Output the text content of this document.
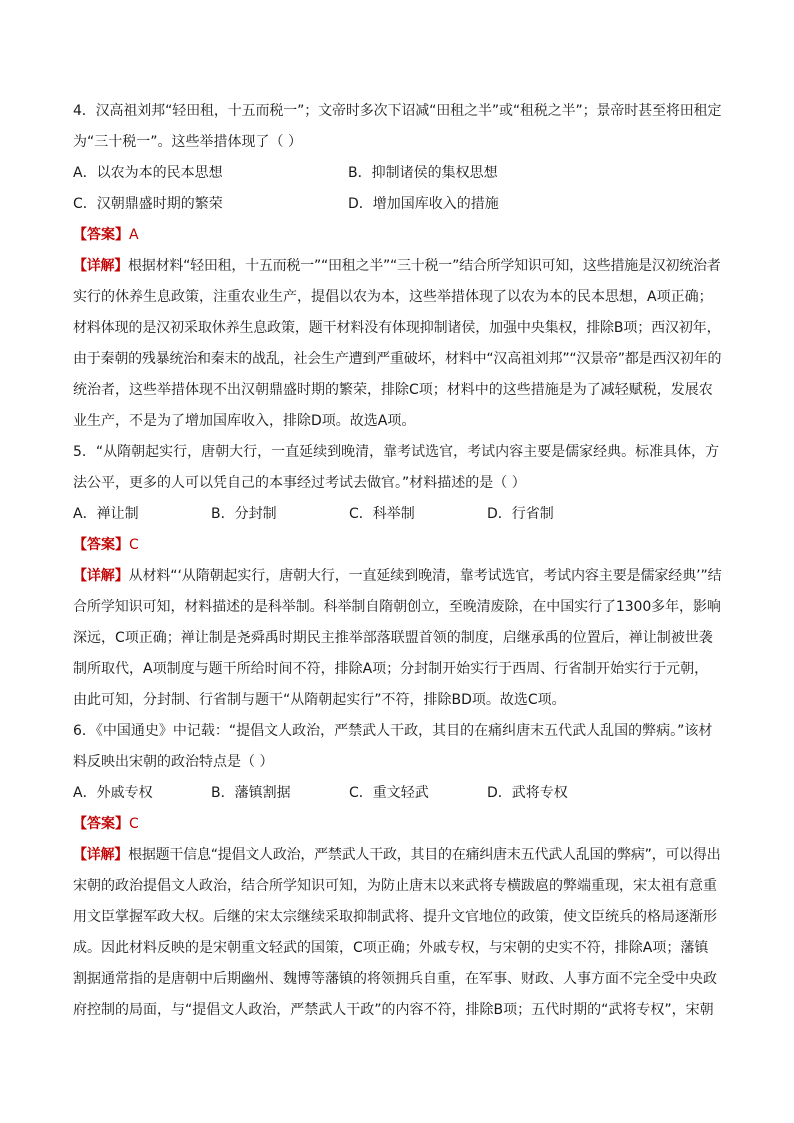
4．汉高祖刘邦“轻田租，十五而税一”；文帝时多次下诏减“田租之半”或“租税之半”；景帝时甚至将田租定
为“三十税一”。这些举措体现了（ ）
A．以农为本的民本思想	B．抑制诸侯的集权思想
C．汉朝鼎盛时期的繁荣	D．增加国库收入的措施
【答案】A
【详解】根据材料“轻田租，十五而税一”“田租之半”“三十税一”结合所学知识可知，这些措施是汉初统治者
实行的休养生息政策，注重农业生产，提倡以农为本，这些举措体现了以农为本的民本思想，A项正确；
材料体现的是汉初采取休养生息政策，题干材料没有体现抑制诸侯，加强中央集权，排除B项；西汉初年，
由于秦朝的残暴统治和秦末的战乱，社会生产遭到严重破坏，材料中“汉高祖刘邦”“汉景帝”都是西汉初年的
统治者，这些举措体现不出汉朝鼎盛时期的繁荣，排除C项；材料中的这些措施是为了减轻赋税，发展农
业生产，不是为了增加国库收入，排除D项。故选A项。
5．“从隋朝起实行，唐朝大行，一直延续到晚清，靠考试选官，考试内容主要是儒家经典。标准具体，方
法公平，更多的人可以凭自己的本事经过考试去做官。”材料描述的是（ ）
A．禅让制	B．分封制	C．科举制	D．行省制
【答案】C
【详解】从材料“‘从隋朝起实行，唐朝大行，一直延续到晚清，靠考试选官，考试内容主要是儒家经典’”结
合所学知识可知，材料描述的是科举制。科举制自隋朝创立，至晚清废除，在中国实行了1300多年，影响
深远，C项正确；禅让制是尧舜禹时期民主推举部落联盟首领的制度，启继承禹的位置后，禅让制被世袭
制所取代，A项制度与题干所给时间不符，排除A项；分封制开始实行于西周、行省制开始实行于元朝，
由此可知，分封制、行省制与题干“从隋朝起实行”不符，排除BD项。故选C项。
6．《中国通史》中记载：“提倡文人政治，严禁武人干政，其目的在痛纠唐末五代武人乱国的弊病。”该材
料反映出宋朝的政治特点是（ ）
A．外戚专权	B．藩镇割据	C．重文轻武	D．武将专权
【答案】C
【详解】根据题干信息“提倡文人政治，严禁武人干政，其目的在痛纠唐末五代武人乱国的弊病”，可以得出
宋朝的政治提倡文人政治，结合所学知识可知，为防止唐末以来武将专横跋扈的弊端重现，宋太祖有意重
用文臣掌握军政大权。后继的宋太宗继续采取抑制武将、提升文官地位的政策，使文臣统兵的格局逐渐形
成。因此材料反映的是宋朝重文轻武的国策，C项正确；外戚专权，与宋朝的史实不符，排除A项；藩镇
割据通常指的是唐朝中后期幽州、魏博等藩镇的将领拥兵自重，在军事、财政、人事方面不完全受中央政
府控制的局面，与“提倡文人政治，严禁武人干政”的内容不符，排除B项；五代时期的“武将专权”，宋朝
